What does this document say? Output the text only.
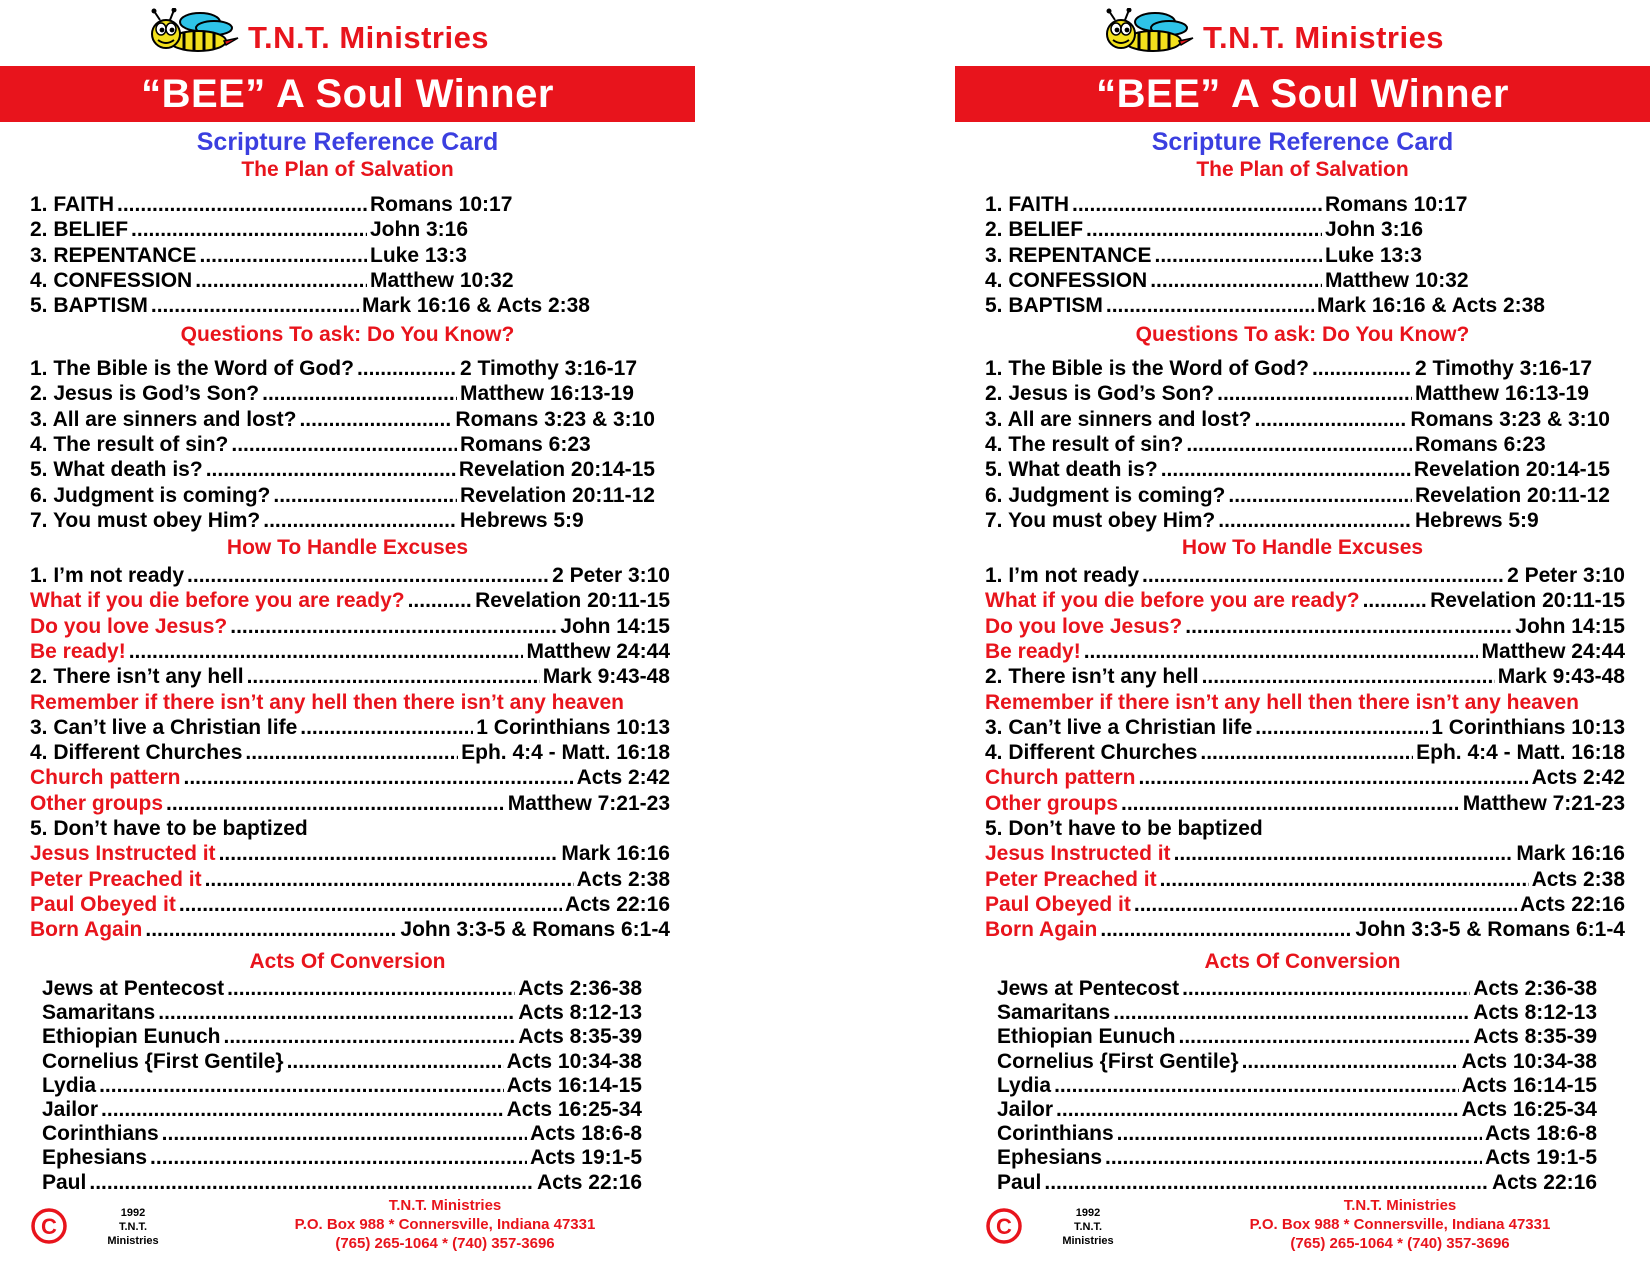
T.N.T. Ministries
“BEE” A Soul Winner
Scripture Reference Card
The Plan of Salvation
Questions To ask: Do You Know?
How To Handle Excuses
Acts Of Conversion
1. FAITH .....	Romans 10:17
2. BELIEF .....	John 3:16
3. REPENTANCE .....	Luke 13:3
4. CONFESSION .....	Matthew 10:32
5. BAPTISM .....	Mark 16:16 & Acts 2:38
1. The Bible is the Word of God? .....	2 Timothy 3:16-17
2. Jesus is God’s Son? .....	Matthew 16:13-19
3. All are sinners and lost? .....	Romans 3:23 & 3:10
4. The result of sin? .....	Romans 6:23
5. What death is? .....	Revelation 20:14-15
6. Judgment is coming? .....	Revelation 20:11-12
7. You must obey Him? .....	Hebrews 5:9
1. I’m not ready .....	2 Peter 3:10
What if you die before you are ready? .....	Revelation 20:11-15
Do you love Jesus? .....	John 14:15
Be ready! .....	Matthew 24:44
2. There isn’t any hell .....	Mark 9:43-48
Remember if there isn’t any hell then there isn’t any heaven
3. Can’t live a Christian life .....	1 Corinthians 10:13
4. Different Churches .....	Eph. 4:4 - Matt. 16:18
Church pattern .....	Acts 2:42
Other groups .....	Matthew 7:21-23
5. Don’t have to be baptized
Jesus Instructed it .....	Mark 16:16
Peter Preached it .....	Acts 2:38
Paul Obeyed it .....	Acts 22:16
Born Again .....	John 3:3-5 & Romans 6:1-4
Jews at Pentecost .....	Acts 2:36-38
Samaritans .....	Acts 8:12-13
Ethiopian Eunuch .....	Acts 8:35-39
Cornelius {First Gentile} .....	Acts 10:34-38
Lydia .....	Acts 16:14-15
Jailor .....	Acts 16:25-34
Corinthians .....	Acts 18:6-8
Ephesians .....	Acts 19:1-5
Paul .....	Acts 22:16
C
1992
T.N.T.
Ministries
T.N.T. Ministries
P.O. Box 988 * Connersville, Indiana 47331
(765) 265-1064 * (740) 357-3696
T.N.T. Ministries
“BEE” A Soul Winner
Scripture Reference Card
The Plan of Salvation
Questions To ask: Do You Know?
How To Handle Excuses
Acts Of Conversion
1. FAITH .....	Romans 10:17
2. BELIEF .....	John 3:16
3. REPENTANCE .....	Luke 13:3
4. CONFESSION .....	Matthew 10:32
5. BAPTISM .....	Mark 16:16 & Acts 2:38
1. The Bible is the Word of God? .....	2 Timothy 3:16-17
2. Jesus is God’s Son? .....	Matthew 16:13-19
3. All are sinners and lost? .....	Romans 3:23 & 3:10
4. The result of sin? .....	Romans 6:23
5. What death is? .....	Revelation 20:14-15
6. Judgment is coming? .....	Revelation 20:11-12
7. You must obey Him? .....	Hebrews 5:9
1. I’m not ready .....	2 Peter 3:10
What if you die before you are ready? .....	Revelation 20:11-15
Do you love Jesus? .....	John 14:15
Be ready! .....	Matthew 24:44
2. There isn’t any hell .....	Mark 9:43-48
Remember if there isn’t any hell then there isn’t any heaven
3. Can’t live a Christian life .....	1 Corinthians 10:13
4. Different Churches .....	Eph. 4:4 - Matt. 16:18
Church pattern .....	Acts 2:42
Other groups .....	Matthew 7:21-23
5. Don’t have to be baptized
Jesus Instructed it .....	Mark 16:16
Peter Preached it .....	Acts 2:38
Paul Obeyed it .....	Acts 22:16
Born Again .....	John 3:3-5 & Romans 6:1-4
Jews at Pentecost .....	Acts 2:36-38
Samaritans .....	Acts 8:12-13
Ethiopian Eunuch .....	Acts 8:35-39
Cornelius {First Gentile} .....	Acts 10:34-38
Lydia .....	Acts 16:14-15
Jailor .....	Acts 16:25-34
Corinthians .....	Acts 18:6-8
Ephesians .....	Acts 19:1-5
Paul .....	Acts 22:16
C
1992
T.N.T.
Ministries
T.N.T. Ministries
P.O. Box 988 * Connersville, Indiana 47331
(765) 265-1064 * (740) 357-3696
